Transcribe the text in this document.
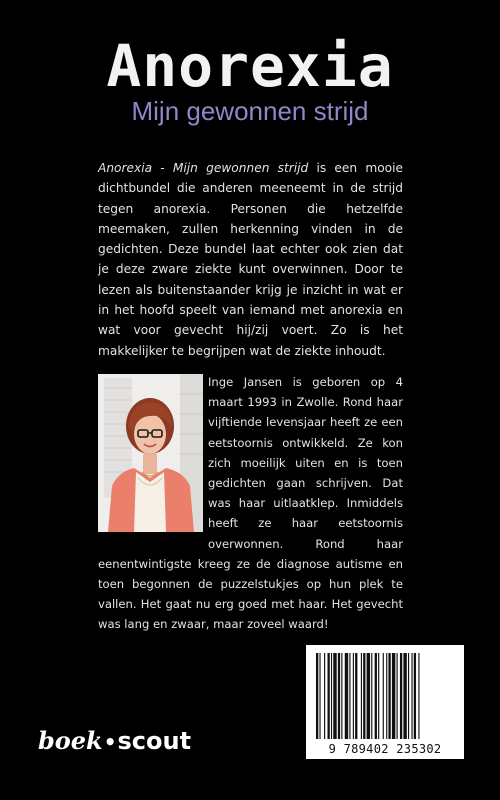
Anorexia
Mijn gewonnen strijd

Anorexia - Mijn gewonnen strijd is een mooie dichtbundel die anderen meeneemt in de strijd tegen anorexia. Personen die hetzelfde meemaken, zullen herkenning vinden in de gedichten. Deze bundel laat echter ook zien dat je deze zware ziekte kunt overwinnen. Door te lezen als buitenstaander krijg je inzicht in wat er in het hoofd speelt van iemand met anorexia en wat voor gevecht hij/zij voert. Zo is het makkelijker te begrijpen wat de ziekte inhoudt.

Inge Jansen is geboren op 4 maart 1993 in Zwolle. Rond haar vijftiende levensjaar heeft ze een eetstoornis ontwikkeld. Ze kon zich moeilijk uiten en is toen gedichten gaan schrijven. Dat was haar uitlaatklep. Inmiddels heeft ze haar eetstoornis overwonnen. Rond haar eenentwintigste kreeg ze de diagnose autisme en toen begonnen de puzzelstukjes op hun plek te vallen. Het gaat nu erg goed met haar. Het gevecht was lang en zwaar, maar zoveel waard!

9 789402 235302
boek•scout
